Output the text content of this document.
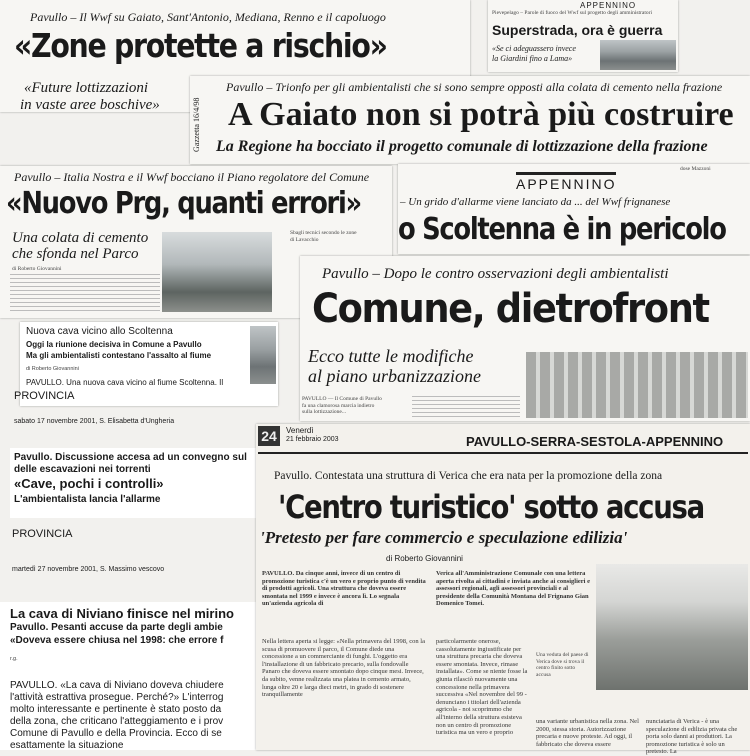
Pavullo – Il Wwf su Gaiato, Sant'Antonio, Mediana, Renno e il capoluogo
«Zone protette a rischio»
«Future lottizzazioni
in vaste aree boschive»
Pievepelago – Parole di fuoco del Wwf sul progetto degli amministratori
APPENNINO
Superstrada, ora è guerra
«Se ci adeguassero invece
la Giardini fino a Lama»
Pavullo – Trionfo per gli ambientalisti che si sono sempre opposti alla colata di cemento nella frazione
Gazzetta 16/4/98 A Gaiato non si potrà più costruire
La Regione ha bocciato il progetto comunale di lottizzazione della frazione
Pavullo – Italia Nostra e il Wwf bocciano il Piano regolatore del Comune
«Nuovo Prg, quanti errori»
Una colata di cemento
che sfonda nel Parco
di Roberto Giovannini
Sbagli tecnici secondo le zone di Lavacchio
dose Mazzoni
APPENNINO
– Un grido d'allarme viene lanciato da ... del Wwf frignanese
o Scoltenna è in pericolo
Pavullo – Dopo le contro osservazioni degli ambientalisti
Comune, dietrofront
Ecco tutte le modifiche
al piano urbanizzazione
PAVULLO — Il Comune di Pavullo fa una clamorosa marcia indietro sulla lottizzazione...
Nuova cava vicino allo Scoltenna
Oggi la riunione decisiva in Comune a Pavullo
Ma gli ambientalisti contestano l'assalto al fiume
di Roberto Giovannini
PAVULLO. Una nuova cava vicino al fiume Scoltenna. Il
PROVINCIA
sabato 17 novembre 2001, S. Elisabetta d'Ungheria
Pavullo. Discussione accesa ad un convegno sul
delle escavazioni nei torrenti
«Cave, pochi i controlli»
L'ambientalista lancia l'allarme
PROVINCIA
martedì 27 novembre 2001, S. Massimo vescovo
La cava di Niviano finisce nel mirino
Pavullo. Pesanti accuse da parte degli ambie
«Doveva essere chiusa nel 1998: che errore f
r.g.
PAVULLO. «La cava di Niviano doveva chiudere
l'attività estrattiva prosegue. Perché?» L'interrog
molto interessante e pertinente è stato posto da
della zona, che criticano l'atteggiamento e i prov
Comune di Pavullo e della Provincia. Ecco di se
esattamente la situazione
24	Venerdì
21 febbraio 2003	PAVULLO-SERRA-SESTOLA-APPENNINO
Pavullo. Contestata una struttura di Verica che era nata per la promozione della zona
'Centro turistico' sotto accusa
'Pretesto per fare commercio e speculazione edilizia'
di Roberto Giovannini
PAVULLO. Da cinque anni, invece di un centro di promozione turistica c'è un vero e proprio punto di vendita di prodotti agricoli. Una struttura che doveva essere smontata nel 1999 e invece è ancora lì. Lo segnala un'azienda agricola di
Verica all'Amministrazione Comunale con una lettera aperta rivolta ai cittadini e inviata anche ai consiglieri e assessori regionali, agli assessori provinciali e al presidente della Comunità Montana del Frignano Gian Domenico Tomei.
Nella lettera aperta si legge: «Nella primavera del 1998, con la scusa di promuovere il parco, il Comune diede una concessione a un commerciante di funghi. L'oggetto era l'installazione di un fabbricato precario, sulla fondovalle Panaro che doveva essere smontato dopo cinque mesi. Invece, da subito, venne realizzata una platea in cemento armato, lunga oltre 20 e larga dieci metri, in grado di sostenere tranquillamente
particolarmente onerose, cassolutamente ingiustificate per una struttura precaria che doveva essere smontata. Invece, rimase installata». Come se niente fosse la giunta rilasciò nuovamente una concessione nella primavera successiva «Nel novembre del 99 - denunciano i titolari dell'azienda agricola - noi scoprimmo che all'interno della struttura esisteva non un centro di promozione turistica ma un vero e proprio
Una veduta del paese di Verica dove si trova il centro finito sotto accusa
una variante urbanistica nella zona. Nel 2000, stessa storia. Autorizzazione precaria e nuove proteste. Ad oggi, il fabbricato che doveva essere
nunciataria di Verica - è una speculazione di edilizia privata che porta solo danni ai produttori. La promozione turistica è solo un pretesto. La
